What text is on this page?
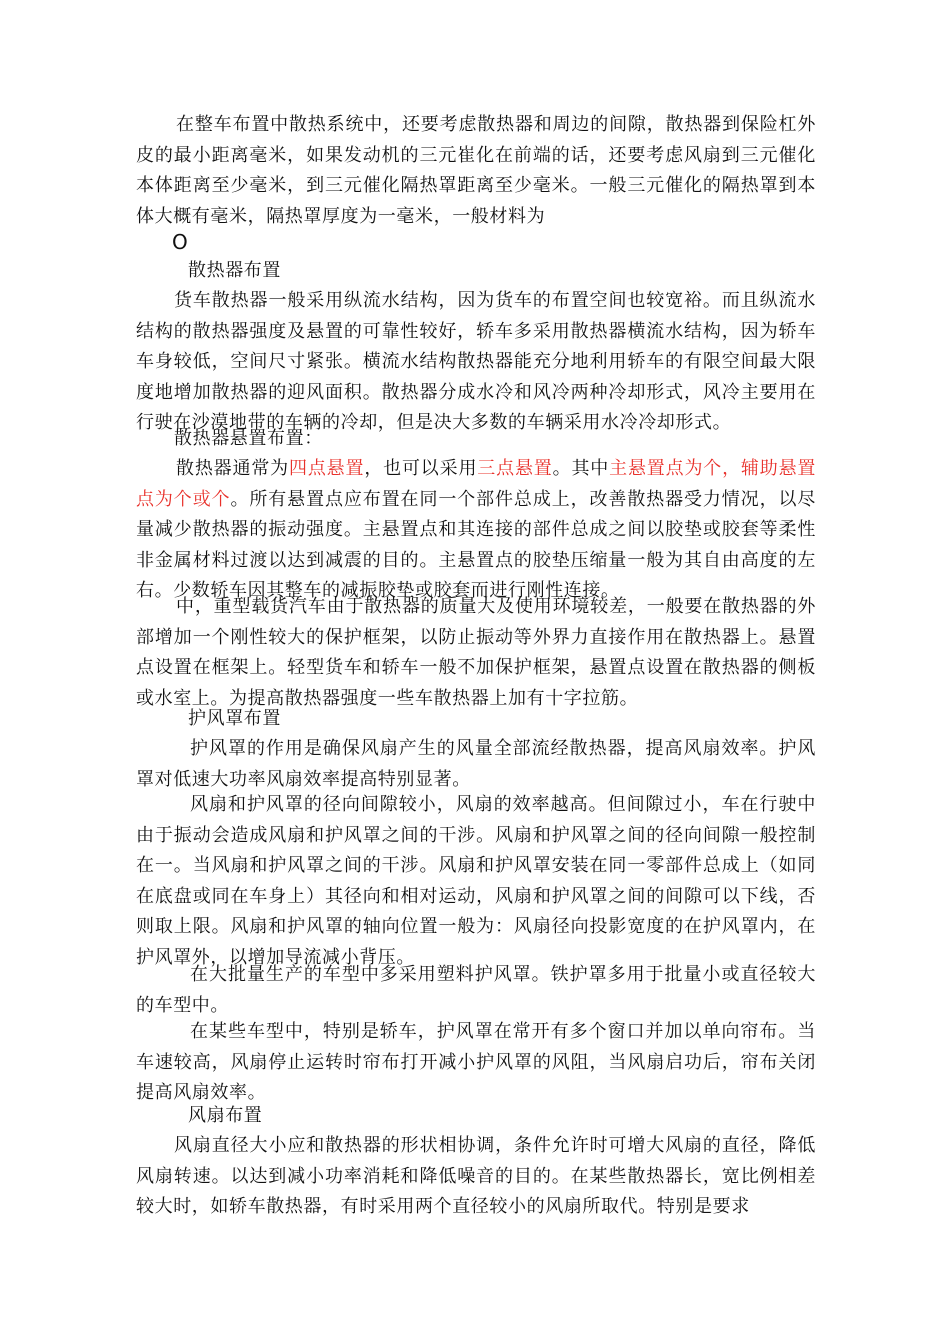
在整车布置中散热系统中，还要考虑散热器和周边的间隙，散热器到保险杠外皮的最小距离毫米，如果发动机的三元崔化在前端的话，还要考虑风扇到三元催化本体距离至少毫米，到三元催化隔热罩距离至少毫米。一般三元催化的隔热罩到本体大概有毫米，隔热罩厚度为一毫米，一般材料为

O
散热器布置

货车散热器一般采用纵流水结构，因为货车的布置空间也较宽裕。而且纵流水结构的散热器强度及悬置的可靠性较好，轿车多采用散热器横流水结构，因为轿车车身较低，空间尺寸紧张。横流水结构散热器能充分地利用轿车的有限空间最大限度地增加散热器的迎风面积。散热器分成水冷和风冷两种冷却形式，风冷主要用在行驶在沙漠地带的车辆的冷却，但是决大多数的车辆采用水冷冷却形式。

散热器悬置布置：

散热器通常为四点悬置，也可以采用三点悬置。其中主悬置点为个，辅助悬置点为个或个。所有悬置点应布置在同一个部件总成上，改善散热器受力情况，以尽量减少散热器的振动强度。主悬置点和其连接的部件总成之间以胶垫或胶套等柔性非金属材料过渡以达到减震的目的。主悬置点的胶垫压缩量一般为其自由高度的左右。少数轿车因其整车的减振胶垫或胶套而进行刚性连接。

中，重型载货汽车由于散热器的质量大及使用环境较差，一般要在散热器的外部增加一个刚性较大的保护框架，以防止振动等外界力直接作用在散热器上。悬置点设置在框架上。轻型货车和轿车一般不加保护框架，悬置点设置在散热器的侧板或水室上。为提高散热器强度一些车散热器上加有十字拉筋。

护风罩布置

护风罩的作用是确保风扇产生的风量全部流经散热器，提高风扇效率。护风罩对低速大功率风扇效率提高特别显著。

风扇和护风罩的径向间隙较小，风扇的效率越高。但间隙过小，车在行驶中由于振动会造成风扇和护风罩之间的干涉。风扇和护风罩之间的径向间隙一般控制在一。当风扇和护风罩之间的干涉。风扇和护风罩安装在同一零部件总成上（如同在底盘或同在车身上）其径向和相对运动，风扇和护风罩之间的间隙可以下线，否则取上限。风扇和护风罩的轴向位置一般为：风扇径向投影宽度的在护风罩内，在护风罩外，以增加导流减小背压。

在大批量生产的车型中多采用塑料护风罩。铁护罩多用于批量小或直径较大的车型中。

在某些车型中，特别是轿车，护风罩在常开有多个窗口并加以单向帘布。当车速较高，风扇停止运转时帘布打开减小护风罩的风阻，当风扇启功后，帘布关闭提高风扇效率。

风扇布置

风扇直径大小应和散热器的形状相协调，条件允许时可增大风扇的直径，降低风扇转速。以达到减小功率消耗和降低噪音的目的。在某些散热器长，宽比例相差较大时，如轿车散热器，有时采用两个直径较小的风扇所取代。特别是要求
